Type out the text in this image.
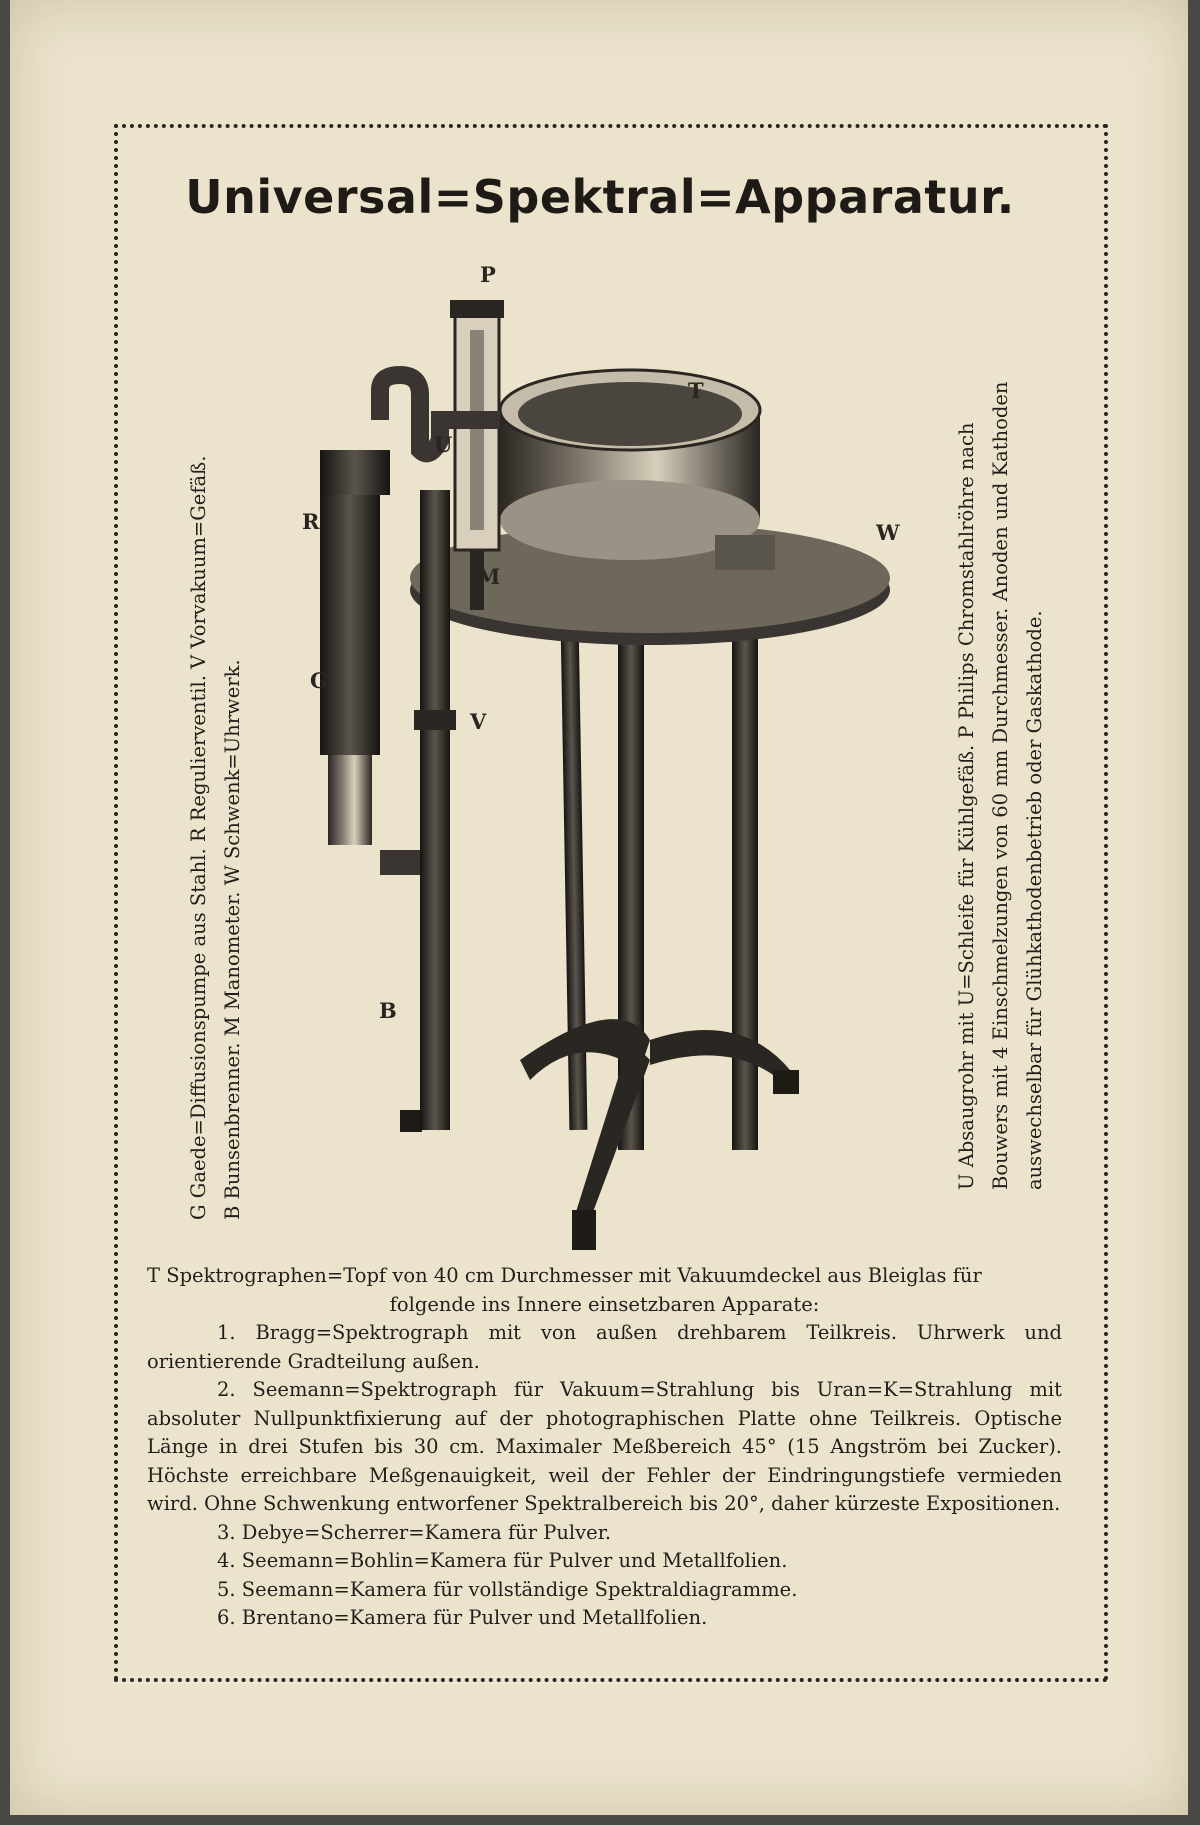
Universal=Spektral=Apparatur.
G Gaede=Diffusionspumpe aus Stahl. R Regulierventil. V Vorvakuum=Gefäß. B Bunsenbrenner. M Manometer. W Schwenk=Uhrwerk.	U Absaugrohr mit U=Schleife für Kühlgefäß. P Philips Chromstahlröhre nach Bouwers mit 4 Einschmelzungen von 60 mm Durchmesser. Anoden und Kathoden auswechselbar für Glühkathodenbetrieb oder Gaskathode.
P
T
U
R	W
M
G
V
B

T Spektrographen=Topf von 40 cm Durchmesser mit Vakuumdeckel aus Bleiglas für

folgende ins Innere einsetzbaren Apparate:

1. Bragg=Spektrograph mit von außen drehbarem Teilkreis. Uhrwerk und orientierende Gradteilung außen.
2. Seemann=Spektrograph für Vakuum=Strahlung bis Uran=K=Strahlung mit absoluter Nullpunktfixierung auf der photographischen Platte ohne Teilkreis. Optische Länge in drei Stufen bis 30 cm. Maximaler Meßbereich 45° (15 Angström bei Zucker). Höchste erreichbare Meßgenauigkeit, weil der Fehler der Eindringungstiefe vermieden wird. Ohne Schwenkung entworfener Spektralbereich bis 20°, daher kürzeste Expositionen.
3. Debye=Scherrer=Kamera für Pulver.
4. Seemann=Bohlin=Kamera für Pulver und Metallfolien.
5. Seemann=Kamera für vollständige Spektraldiagramme.
6. Brentano=Kamera für Pulver und Metallfolien.
